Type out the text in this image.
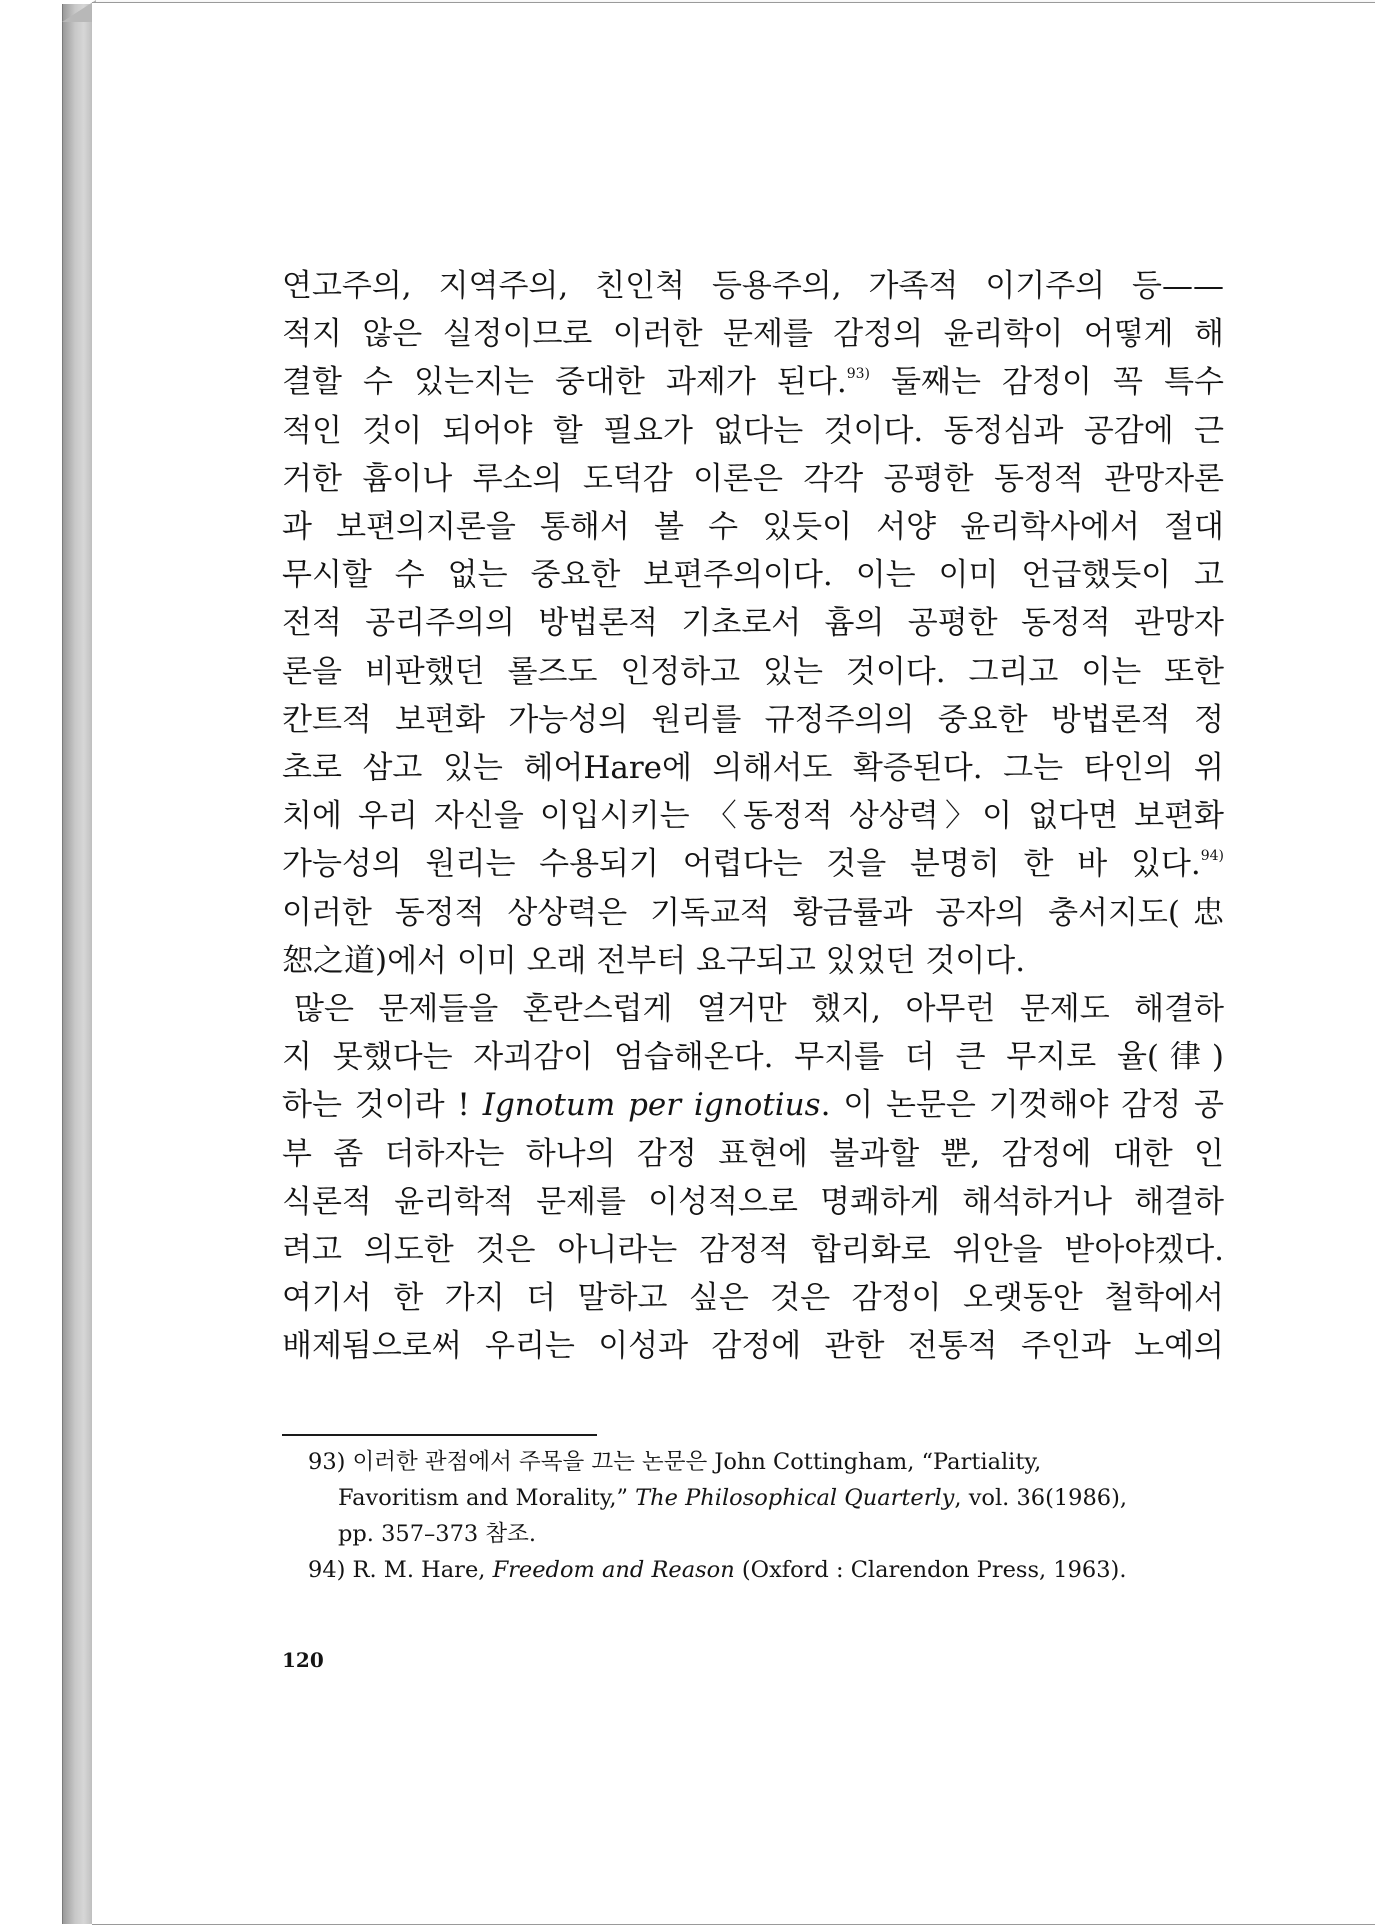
연고주의, 지역주의, 친인척 등용주의, 가족적 이기주의 등——
적지 않은 실정이므로 이러한 문제를 감정의 윤리학이 어떻게 해
결할 수 있는지는 중대한 과제가 된다.$^{93)}$ 둘째는 감정이 꼭 특수
적인 것이 되어야 할 필요가 없다는 것이다. 동정심과 공감에 근
거한 흄이나 루소의 도덕감 이론은 각각 공평한 동정적 관망자론
과 보편의지론을 통해서 볼 수 있듯이 서양 윤리학사에서 절대
무시할 수 없는 중요한 보편주의이다. 이는 이미 언급했듯이 고
전적 공리주의의 방법론적 기초로서 흄의 공평한 동정적 관망자
론을 비판했던 롤즈도 인정하고 있는 것이다. 그리고 이는 또한
칸트적 보편화 가능성의 원리를 규정주의의 중요한 방법론적 정
초로 삼고 있는 헤어Hare에 의해서도 확증된다. 그는 타인의 위
치에 우리 자신을 이입시키는 〈동정적 상상력〉이 없다면 보편화
가능성의 원리는 수용되기 어렵다는 것을 분명히 한 바 있다.$^{94)}$
이러한 동정적 상상력은 기독교적 황금률과 공자의 충서지도(忠
恕之道)에서 이미 오래 전부터 요구되고 있었던 것이다.
많은 문제들을 혼란스럽게 열거만 했지, 아무런 문제도 해결하
지 못했다는 자괴감이 엄습해온다. 무지를 더 큰 무지로 율(律)
하는 것이라 ! Ignotum per ignotius. 이 논문은 기껏해야 감정 공
부 좀 더하자는 하나의 감정 표현에 불과할 뿐, 감정에 대한 인
식론적 윤리학적 문제를 이성적으로 명쾌하게 해석하거나 해결하
려고 의도한 것은 아니라는 감정적 합리화로 위안을 받아야겠다.
여기서 한 가지 더 말하고 싶은 것은 감정이 오랫동안 철학에서
배제됨으로써 우리는 이성과 감정에 관한 전통적 주인과 노예의
93) 이러한 관점에서 주목을 끄는 논문은 John Cottingham, “Partiality,
Favoritism and Morality,” The Philosophical Quarterly, vol. 36(1986),
pp. 357–373 참조.
94) R. M. Hare, Freedom and Reason (Oxford : Clarendon Press, 1963).
120
